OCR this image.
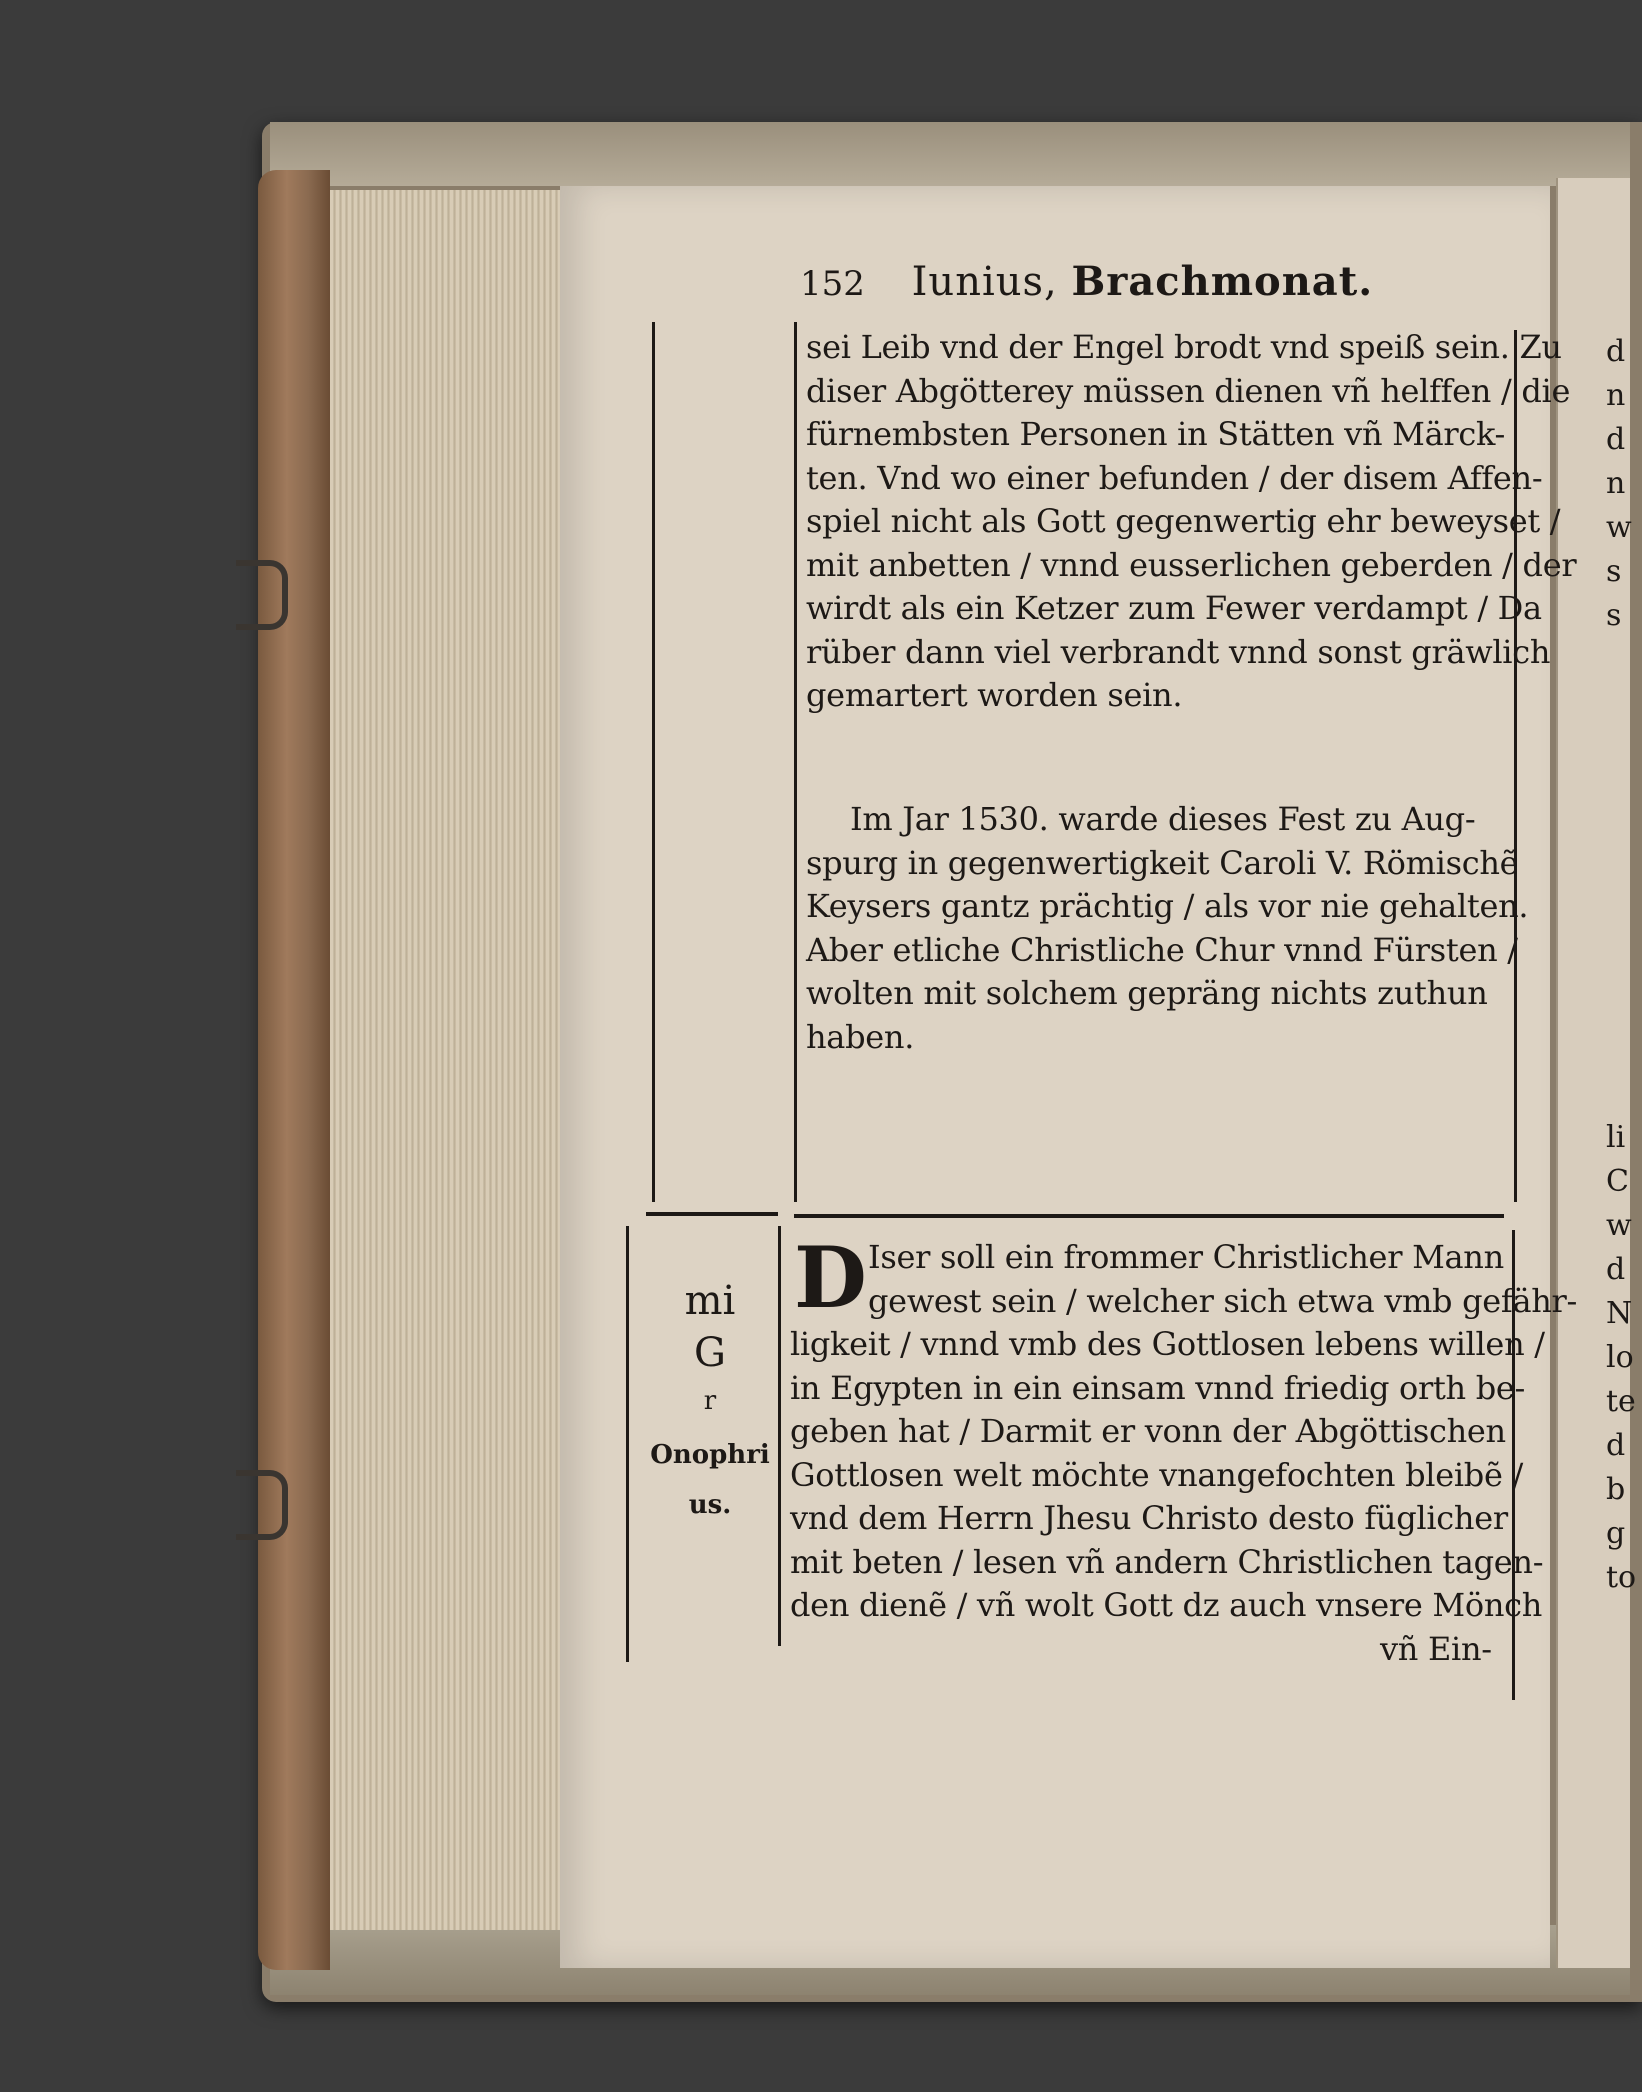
152 Iunius, Brachmonat.
sei Leib vnd der Engel brodt vnd speiß sein. Zu
diser Abgötterey müssen dienen vñ helffen / die
fürnembsten Personen in Stätten vñ Märck-
ten. Vnd wo einer befunden / der disem Affen-
spiel nicht als Gott gegenwertig ehr beweyset /
mit anbetten / vnnd eusserlichen geberden / der
wirdt als ein Ketzer zum Fewer verdampt / Da
rüber dann viel verbrandt vnnd sonst gräwlich
gemartert worden sein.
Im Jar 1530. warde dieses Fest zu Aug-
spurg in gegenwertigkeit Caroli V. Römischẽ
Keysers gantz prächtig / als vor nie gehalten.
Aber etliche Christliche Chur vnnd Fürsten /
wolten mit solchem gepräng nichts zuthun
haben.
D Iser soll ein frommer Christlicher Mann
gewest sein / welcher sich etwa vmb gefähr-
ligkeit / vnnd vmb des Gottlosen lebens willen /
in Egypten in ein einsam vnnd friedig orth be-
geben hat / Darmit er vonn der Abgöttischen
Gottlosen welt möchte vnangefochten bleibẽ /
vnd dem Herrn Jhesu Christo desto füglicher
mit beten / lesen vñ andern Christlichen tagen-
den dienẽ / vñ wolt Gott dz auch vnsere Mönch
vñ Ein-
mi
G
r
Onophri
us.
d
n
d
n
w
s
s
li
C
w
d
N
lo
te
d
b
g
to
